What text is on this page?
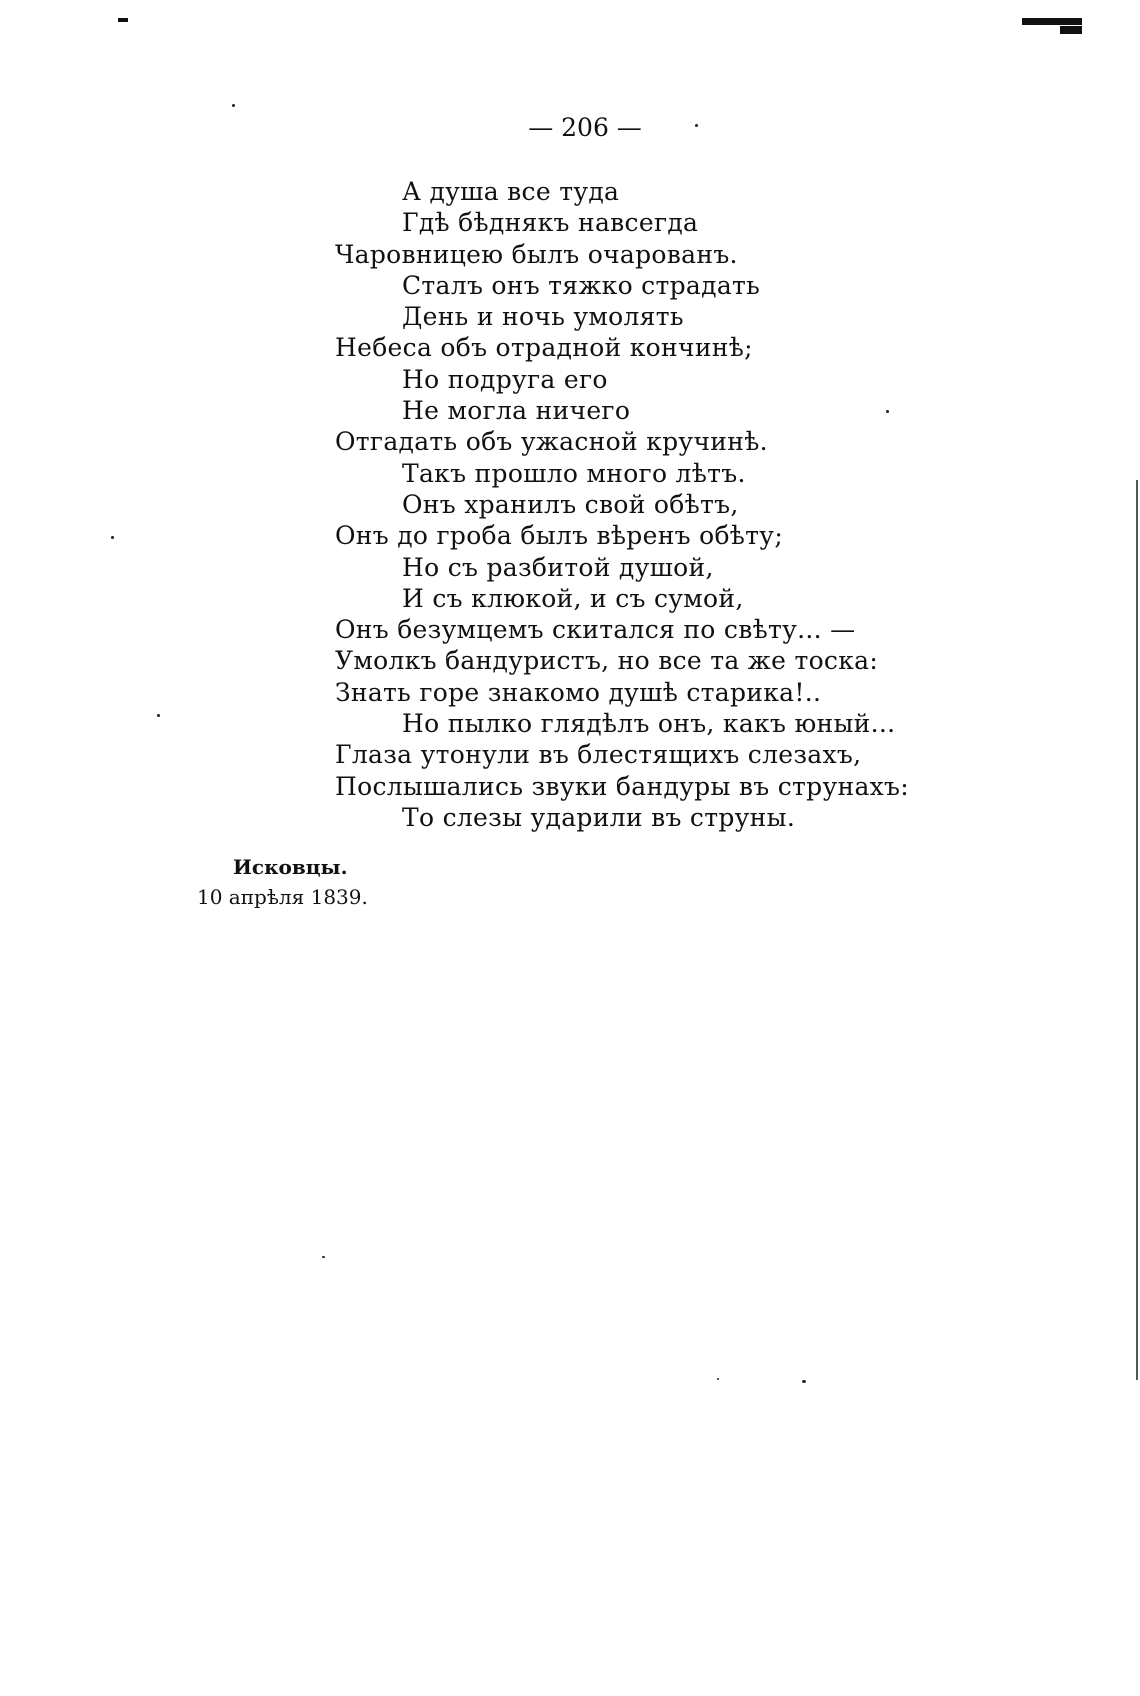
— 206 —
А душа все туда
Гдѣ бѣднякъ навсегда
Чаровницею былъ очарованъ.
Сталъ онъ тяжко страдать
День и ночь умолять
Небеса объ отрадной кончинѣ;
Но подруга его
Не могла ничего
Отгадать объ ужасной кручинѣ.
Такъ прошло много лѣтъ.
Онъ хранилъ свой обѣтъ,
Онъ до гроба былъ вѣренъ обѣту;
Но съ разбитой душой,
И съ клюкой, и съ сумой,
Онъ безумцемъ скитался по свѣту... —
Умолкъ бандуристъ, но все та же тоска:
Знать горе знакомо душѣ старика!..
Но пылко глядѣлъ онъ, какъ юный...
Глаза утонули въ блестящихъ слезахъ,
Послышались звуки бандуры въ струнахъ:
То слезы ударили въ струны.
Исковцы.
10 апрѣля 1839.
